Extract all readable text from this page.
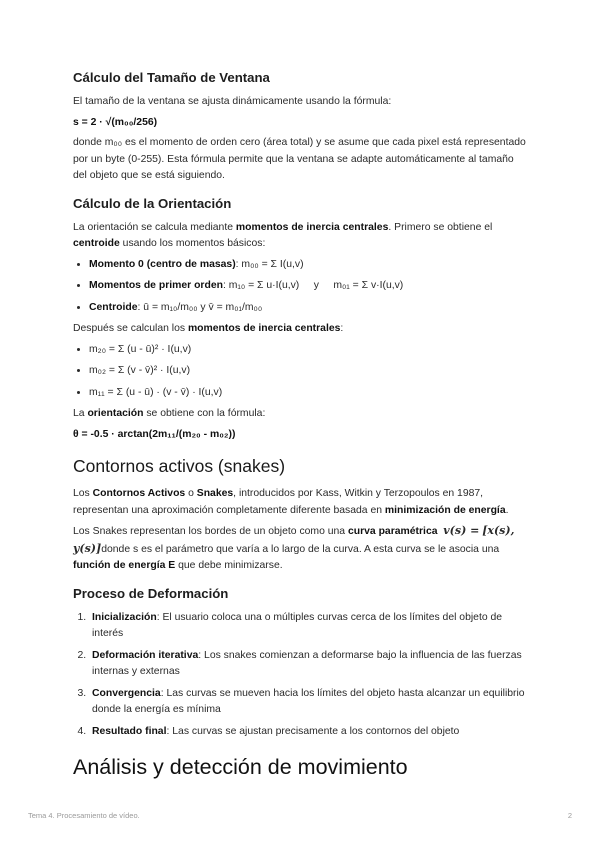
Cálculo del Tamaño de Ventana

El tamaño de la ventana se ajusta dinámicamente usando la fórmula:

s = 2 · √(m₀₀/256)

donde m₀₀ es el momento de orden cero (área total) y se asume que cada pixel está representado por un byte (0-255). Esta fórmula permite que la ventana se adapte automáticamente al tamaño del objeto que se está siguiendo.

Cálculo de la Orientación

La orientación se calcula mediante momentos de inercia centrales. Primero se obtiene el centroide usando los momentos básicos:

• Momento 0 (centro de masas): m₀₀ = Σ I(u,v)
• Momentos de primer orden: m₁₀ = Σ u·I(u,v)     y     m₀₁ = Σ v·I(u,v)
• Centroide: ū = m₁₀/m₀₀ y v̄ = m₀₁/m₀₀

Después se calculan los momentos de inercia centrales:

• m₂₀ = Σ (u - ū)² · I(u,v)
• m₀₂ = Σ (v - v̄)² · I(u,v)
• m₁₁ = Σ (u - ū) · (v - v̄) · I(u,v)

La orientación se obtiene con la fórmula:

θ = -0.5 · arctan(2m₁₁/(m₂₀ - m₀₂))

Contornos activos (snakes)

Los Contornos Activos o Snakes, introducidos por Kass, Witkin y Terzopoulos en 1987, representan una aproximación completamente diferente basada en minimización de energía.

Los Snakes representan los bordes de un objeto como una curva paramétrica v(s) = [x(s), y(s)]donde s es el parámetro que varía a lo largo de la curva. A esta curva se le asocia una función de energía E que debe minimizarse.

Proceso de Deformación
1. Inicialización: El usuario coloca una o múltiples curvas cerca de los límites del objeto de interés
2. Deformación iterativa: Los snakes comienzan a deformarse bajo la influencia de las fuerzas internas y externas
3. Convergencia: Las curvas se mueven hacia los límites del objeto hasta alcanzar un equilibrio donde la energía es mínima
4. Resultado final: Las curvas se ajustan precisamente a los contornos del objeto
Análisis y detección de movimiento
Tema 4. Procesamiento de vídeo.	2
